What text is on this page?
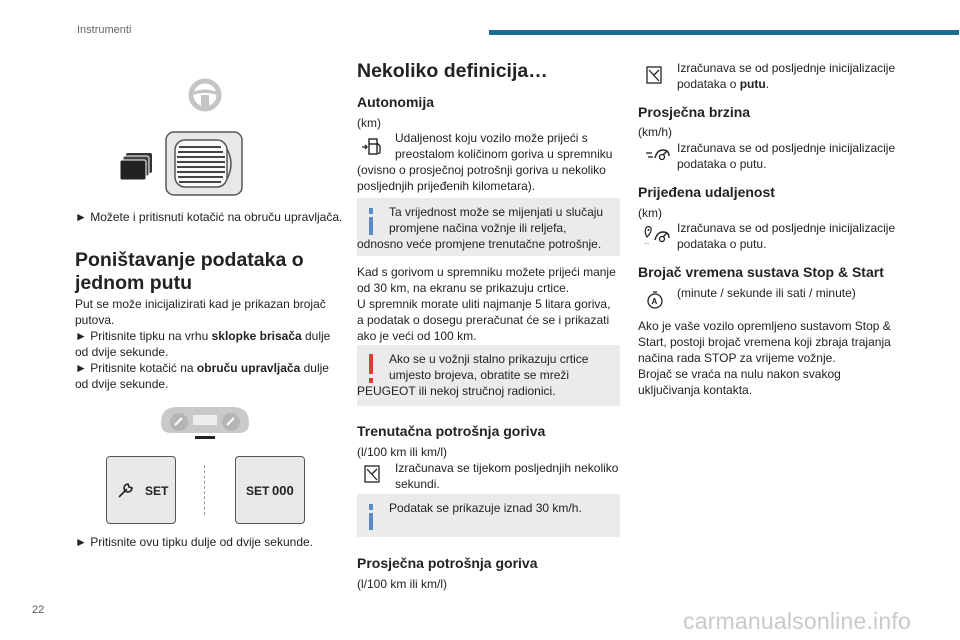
Instrumenti

► Možete i pritisnuti kotačić na obruču upravljača.

Poništavanje podataka o jednom putu

Put se može inicijalizirati kad je prikazan brojač putova.

► Pritisnite tipku na vrhu sklopke brisača dulje od dvije sekunde.

► Pritisnite kotačić na obruču upravljača dulje od dvije sekunde.

SET	SET 000

► Pritisnite ovu tipku dulje od dvije sekunde.

Nekoliko definicija…
Autonomija

(km)

Udaljenost koju vozilo može prijeći s

preostalom količinom goriva u spremniku

(ovisno o prosječnoj potrošnji goriva u nekoliko

posljednjih prijeđenih kilometara).

Ta vrijednost može se mijenjati u slučaju
promjene načina vožnje ili reljefa,
odnosno veće promjene trenutačne potrošnje.

Kad s gorivom u spremniku možete prijeći manje

od 30 km, na ekranu se prikazuju crtice.

U spremnik morate uliti najmanje 5 litara goriva,

a podatak o dosegu preračunat će se i prikazati

ako je veći od 100 km.

Ako se u vožnji stalno prikazuju crtice
umjesto brojeva, obratite se mreži
PEUGEOT ili nekoj stručnoj radionici.
Trenutačna potrošnja goriva

(l/100 km ili km/l)

Izračunava se tijekom posljednjih nekoliko

sekundi.

Podatak se prikazuje iznad 30 km/h.
Prosječna potrošnja goriva

(l/100 km ili km/l)

Izračunava se od posljednje inicijalizacije

podataka o putu.

Prosječna brzina

(km/h)

Izračunava se od posljednje inicijalizacije

podataka o putu.

Prijeđena udaljenost

(km)

...

Izračunava se od posljednje inicijalizacije

podataka o putu.

Brojač vremena sustava Stop & Start
A

(minute / sekunde ili sati / minute)

Ako je vaše vozilo opremljeno sustavom Stop &

Start, postoji brojač vremena koji zbraja trajanja

načina rada STOP za vrijeme vožnje.

Brojač se vraća na nulu nakon svakog

uključivanja kontakta.

22	carmanualsonline.info
